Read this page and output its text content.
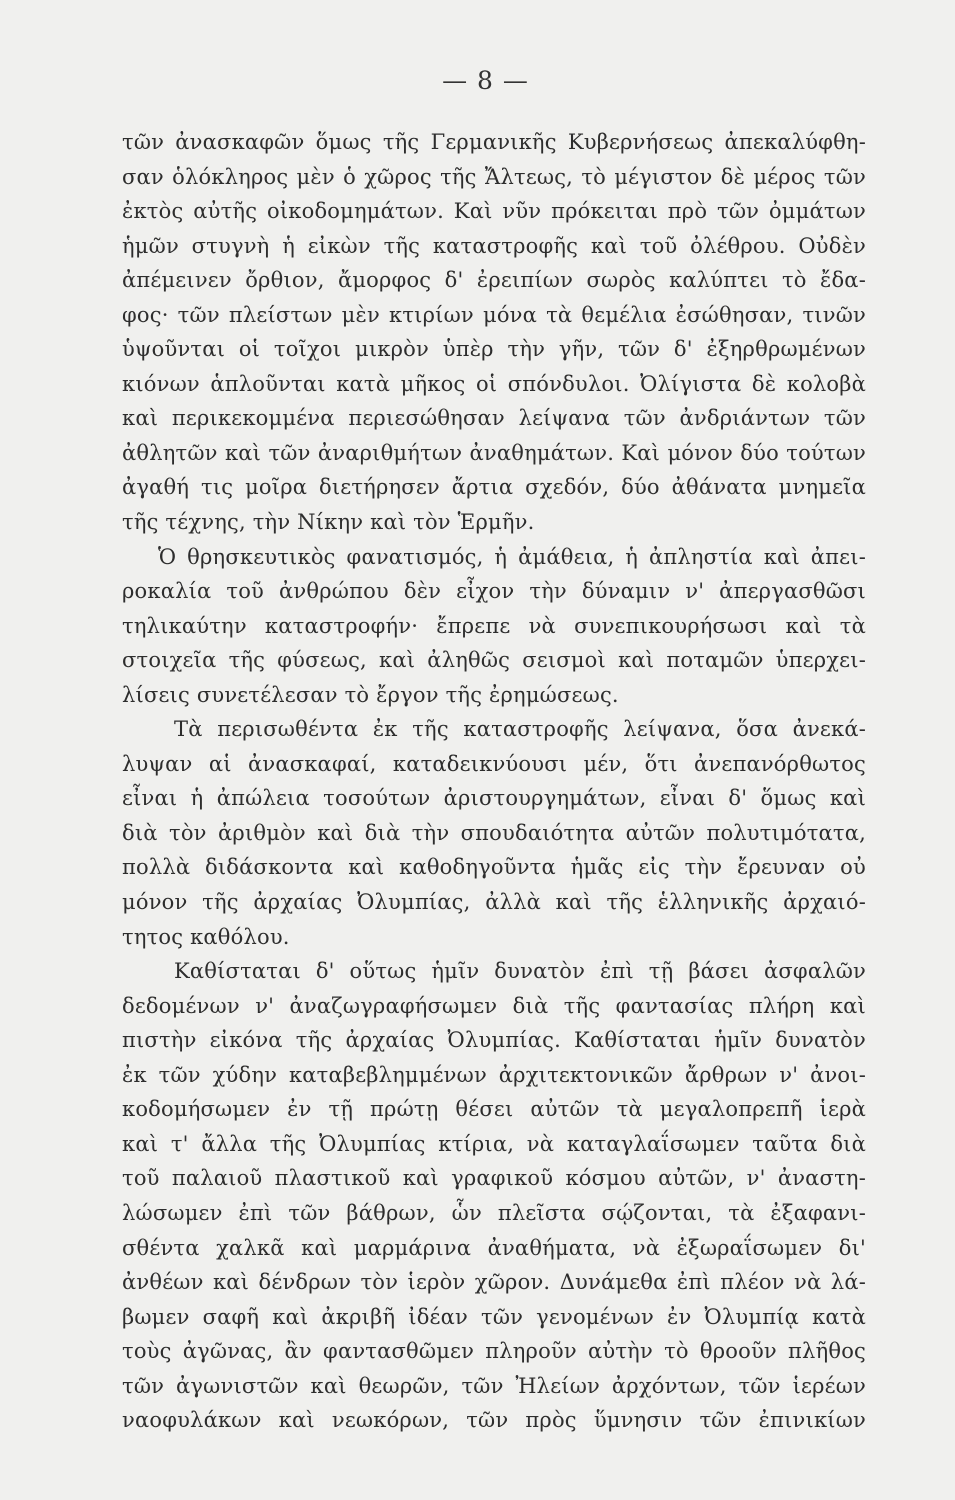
— 8 —
τῶν ἀνασκαφῶν ὅμως τῆς Γερμανικῆς Κυβερνήσεως ἀπεκαλύφθη-
σαν ὁλόκληρος μὲν ὁ χῶρος τῆς Ἄλτεως, τὸ μέγιστον δὲ μέρος τῶν
ἐκτὸς αὐτῆς οἰκοδομημάτων. Καὶ νῦν πρόκειται πρὸ τῶν ὀμμάτων
ἡμῶν στυγνὴ ἡ εἰκὼν τῆς καταστροφῆς καὶ τοῦ ὀλέθρου. Οὐδὲν
ἀπέμεινεν ὄρθιον, ἄμορφος δ' ἐρειπίων σωρὸς καλύπτει τὸ ἔδα-
φος· τῶν πλείστων μὲν κτιρίων μόνα τὰ θεμέλια ἐσώθησαν, τινῶν
ὑψοῦνται οἱ τοῖχοι μικρὸν ὑπὲρ τὴν γῆν, τῶν δ' ἐξηρθρωμένων
κιόνων ἁπλοῦνται κατὰ μῆκος οἱ σπόνδυλοι. Ὀλίγιστα δὲ κολοβὰ
καὶ περικεκομμένα περιεσώθησαν λείψανα τῶν ἀνδριάντων τῶν
ἀθλητῶν καὶ τῶν ἀναριθμήτων ἀναθημάτων. Καὶ μόνον δύο τούτων
ἀγαθή τις μοῖρα διετήρησεν ἄρτια σχεδόν, δύο ἀθάνατα μνημεῖα
τῆς τέχνης, τὴν Νίκην καὶ τὸν Ἑρμῆν.
Ὁ θρησκευτικὸς φανατισμός, ἡ ἀμάθεια, ἡ ἀπληστία καὶ ἀπει-
ροκαλία τοῦ ἀνθρώπου δὲν εἶχον τὴν δύναμιν ν' ἀπεργασθῶσι
τηλικαύτην καταστροφήν· ἔπρεπε νὰ συνεπικουρήσωσι καὶ τὰ
στοιχεῖα τῆς φύσεως, καὶ ἀληθῶς σεισμοὶ καὶ ποταμῶν ὑπερχει-
λίσεις συνετέλεσαν τὸ ἔργον τῆς ἐρημώσεως.
Τὰ περισωθέντα ἐκ τῆς καταστροφῆς λείψανα, ὅσα ἀνεκά-
λυψαν αἱ ἀνασκαφαί, καταδεικνύουσι μέν, ὅτι ἀνεπανόρθωτος
εἶναι ἡ ἀπώλεια τοσούτων ἀριστουργημάτων, εἶναι δ' ὅμως καὶ
διὰ τὸν ἀριθμὸν καὶ διὰ τὴν σπουδαιότητα αὐτῶν πολυτιμότατα,
πολλὰ διδάσκοντα καὶ καθοδηγοῦντα ἡμᾶς εἰς τὴν ἔρευναν οὐ
μόνον τῆς ἀρχαίας Ὀλυμπίας, ἀλλὰ καὶ τῆς ἑλληνικῆς ἀρχαιό-
τητος καθόλου.
Καθίσταται δ' οὕτως ἡμῖν δυνατὸν ἐπὶ τῇ βάσει ἀσφαλῶν
δεδομένων ν' ἀναζωγραφήσωμεν διὰ τῆς φαντασίας πλήρη καὶ
πιστὴν εἰκόνα τῆς ἀρχαίας Ὀλυμπίας. Καθίσταται ἡμῖν δυνατὸν
ἐκ τῶν χύδην καταβεβλημμένων ἀρχιτεκτονικῶν ἄρθρων ν' ἀνοι-
κοδομήσωμεν ἐν τῇ πρώτῃ θέσει αὐτῶν τὰ μεγαλοπρεπῆ ἱερὰ
καὶ τ' ἄλλα τῆς Ὀλυμπίας κτίρια, νὰ καταγλαΐσωμεν ταῦτα διὰ
τοῦ παλαιοῦ πλαστικοῦ καὶ γραφικοῦ κόσμου αὐτῶν, ν' ἀναστη-
λώσωμεν ἐπὶ τῶν βάθρων, ὧν πλεῖστα σῴζονται, τὰ ἐξαφανι-
σθέντα χαλκᾶ καὶ μαρμάρινα ἀναθήματα, νὰ ἐξωραΐσωμεν δι'
ἀνθέων καὶ δένδρων τὸν ἱερὸν χῶρον. Δυνάμεθα ἐπὶ πλέον νὰ λά-
βωμεν σαφῆ καὶ ἀκριβῆ ἰδέαν τῶν γενομένων ἐν Ὀλυμπίᾳ κατὰ
τοὺς ἀγῶνας, ἂν φαντασθῶμεν πληροῦν αὐτὴν τὸ θροοῦν πλῆθος
τῶν ἀγωνιστῶν καὶ θεωρῶν, τῶν Ἠλείων ἀρχόντων, τῶν ἱερέων
ναοφυλάκων καὶ νεωκόρων, τῶν πρὸς ὕμνησιν τῶν ἐπινικίων
